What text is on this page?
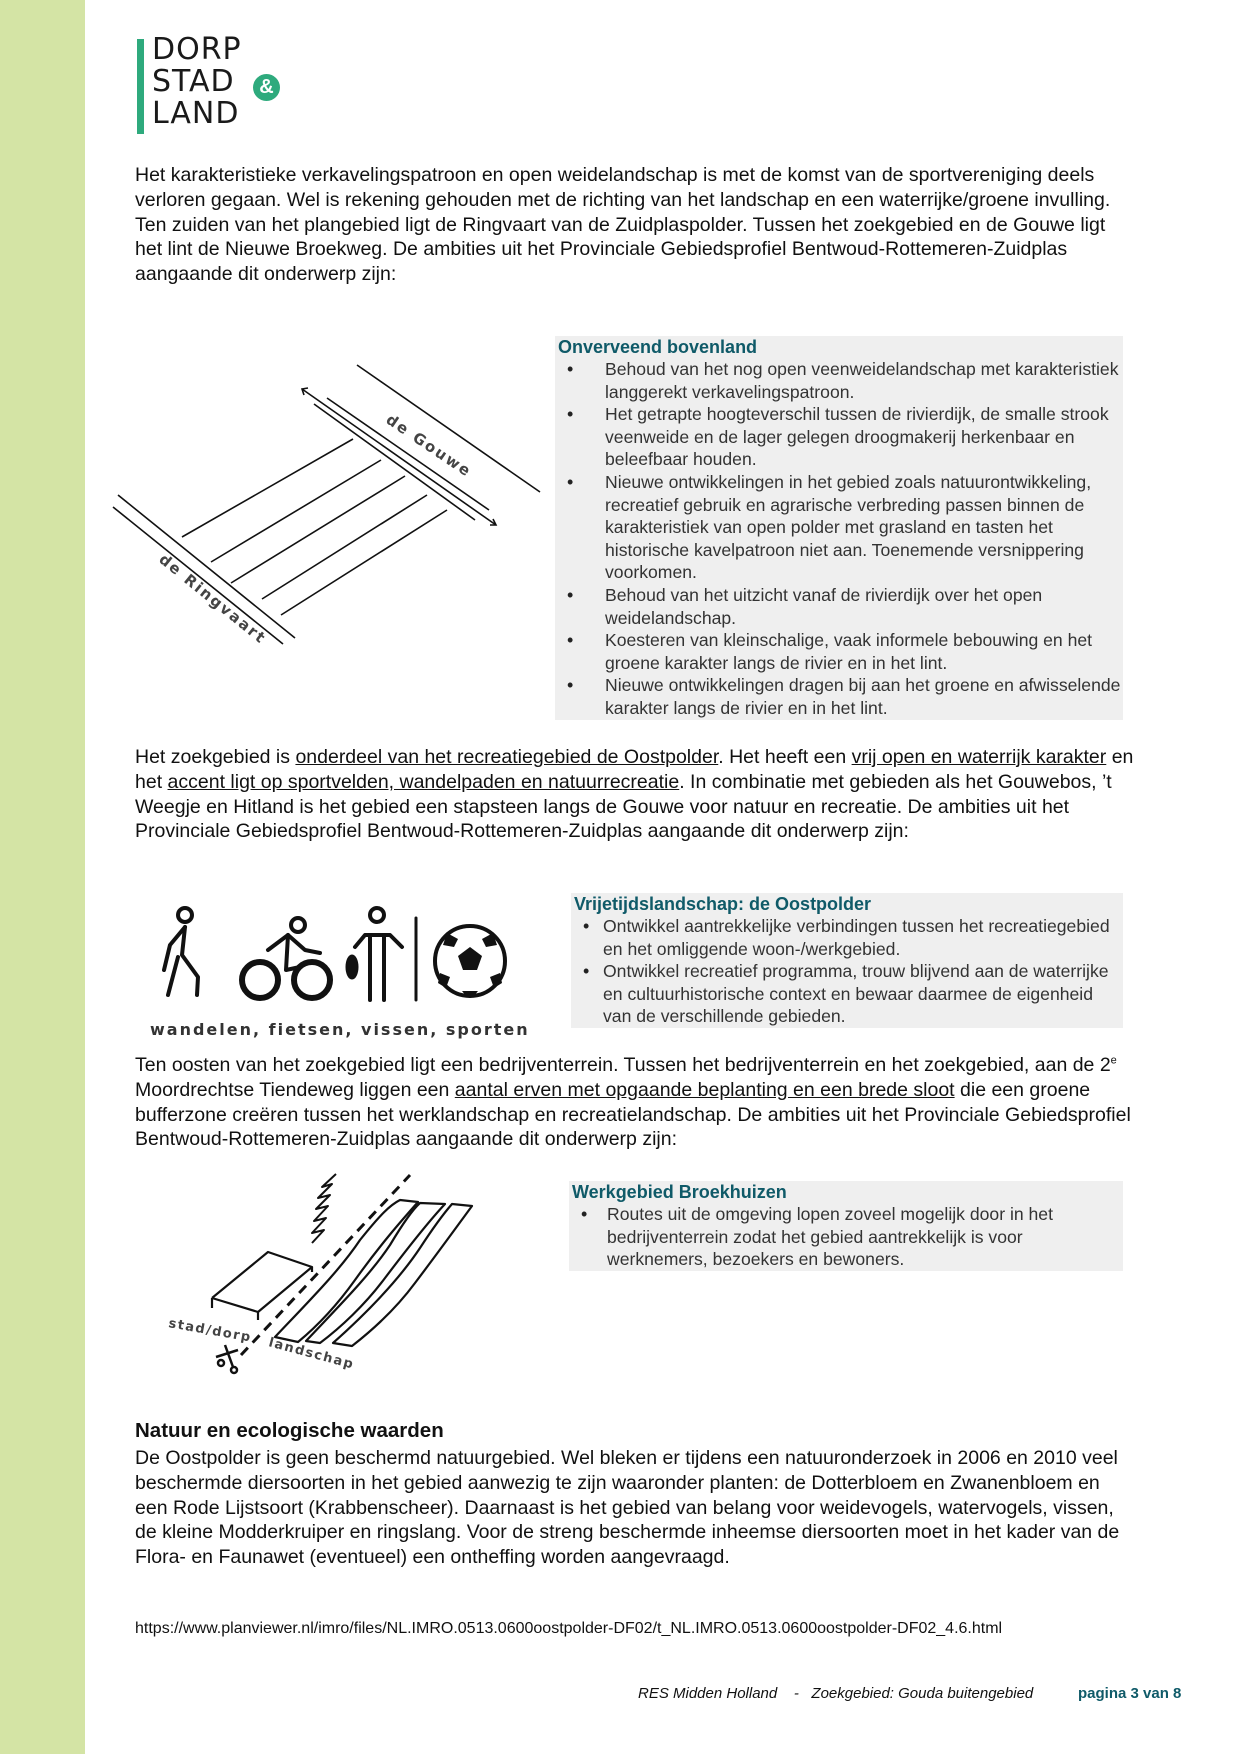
DORP
STAD
LAND
&
Het karakteristieke verkavelingspatroon en open weidelandschap is met de komst van de sportvereniging deels verloren gegaan. Wel is rekening gehouden met de richting van het landschap en een waterrijke/groene invulling. Ten zuiden van het plangebied ligt de Ringvaart van de Zuidplaspolder. Tussen het zoekgebied en de Gouwe ligt het lint de Nieuwe Broekweg. De ambities uit het Provinciale Gebiedsprofiel Bentwoud-Rottemeren-Zuidplas aangaande dit onderwerp zijn:
de Gouwe
de Ringvaart
Onverveend bovenland
• Behoud van het nog open veenweidelandschap met karakteristiek langgerekt verkavelingspatroon.
• Het getrapte hoogteverschil tussen de rivierdijk, de smalle strook veenweide en de lager gelegen droogmakerij herkenbaar en beleefbaar houden.
• Nieuwe ontwikkelingen in het gebied zoals natuurontwikkeling, recreatief gebruik en agrarische verbreding passen binnen de karakteristiek van open polder met grasland en tasten het historische kavelpatroon niet aan. Toenemende versnippering voorkomen.
• Behoud van het uitzicht vanaf de rivierdijk over het open weidelandschap.
• Koesteren van kleinschalige, vaak informele bebouwing en het groene karakter langs de rivier en in het lint.
• Nieuwe ontwikkelingen dragen bij aan het groene en afwisselende karakter langs de rivier en in het lint.
Het zoekgebied is onderdeel van het recreatiegebied de Oostpolder. Het heeft een vrij open en waterrijk karakter en het accent ligt op sportvelden, wandelpaden en natuurrecreatie. In combinatie met gebieden als het Gouwebos, ’t Weegje en Hitland is het gebied een stapsteen langs de Gouwe voor natuur en recreatie. De ambities uit het Provinciale Gebiedsprofiel Bentwoud-Rottemeren-Zuidplas aangaande dit onderwerp zijn:
wandelen, fietsen, vissen, sporten
Vrijetijdslandschap: de Oostpolder
• Ontwikkel aantrekkelijke verbindingen tussen het recreatiegebied en het omliggende woon-/werkgebied.
• Ontwikkel recreatief programma, trouw blijvend aan de waterrijke en cultuurhistorische context en bewaar daarmee de eigenheid van de verschillende gebieden.
Ten oosten van het zoekgebied ligt een bedrijventerrein. Tussen het bedrijventerrein en het zoekgebied, aan de 2e Moordrechtse Tiendeweg liggen een aantal erven met opgaande beplanting en een brede sloot die een groene bufferzone creëren tussen het werklandschap en recreatielandschap. De ambities uit het Provinciale Gebiedsprofiel Bentwoud-Rottemeren-Zuidplas aangaande dit onderwerp zijn:
stad/dorp
landschap
Werkgebied Broekhuizen
• Routes uit de omgeving lopen zoveel mogelijk door in het bedrijventerrein zodat het gebied aantrekkelijk is voor werknemers, bezoekers en bewoners.
Natuur en ecologische waarden
De Oostpolder is geen beschermd natuurgebied. Wel bleken er tijdens een natuuronderzoek in 2006 en 2010 veel beschermde diersoorten in het gebied aanwezig te zijn waaronder planten: de Dotterbloem en Zwanenbloem en een Rode Lijstsoort (Krabbenscheer). Daarnaast is het gebied van belang voor weidevogels, watervogels, vissen, de kleine Modderkruiper en ringslang. Voor de streng beschermde inheemse diersoorten moet in het kader van de Flora- en Faunawet (eventueel) een ontheffing worden aangevraagd.
https://www.planviewer.nl/imro/files/NL.IMRO.0513.0600oostpolder-DF02/t_NL.IMRO.0513.0600oostpolder-DF02_4.6.html
RES Midden Holland    -   Zoekgebied: Gouda buitengebied	pagina 3 van 8
